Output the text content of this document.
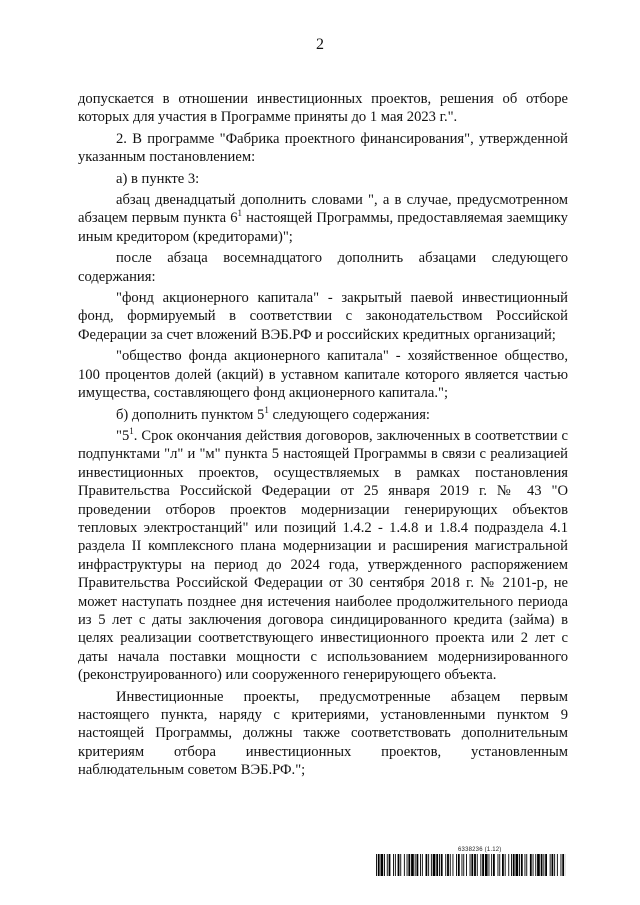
2

допускается в отношении инвестиционных проектов, решения об отборе которых для участия в Программе приняты до 1 мая 2023 г.".

2. В программе "Фабрика проектного финансирования", утвержденной указанным постановлением:

а) в пункте 3:

абзац двенадцатый дополнить словами ", а в случае, предусмотренном абзацем первым пункта $6^1$ настоящей Программы, предоставляемая заемщику иным кредитором (кредиторами)";

после абзаца восемнадцатого дополнить абзацами следующего содержания:

"фонд акционерного капитала" - закрытый паевой инвестиционный фонд, формируемый в соответствии с законодательством Российской Федерации за счет вложений ВЭБ.РФ и российских кредитных организаций;

"общество фонда акционерного капитала" - хозяйственное общество, 100 процентов долей (акций) в уставном капитале которого является частью имущества, составляющего фонд акционерного капитала.";

б) дополнить пунктом $5^1$ следующего содержания:

"$5^1$. Срок окончания действия договоров, заключенных в соответствии с подпунктами "л" и "м" пункта 5 настоящей Программы в связи с реализацией инвестиционных проектов, осуществляемых в рамках постановления Правительства Российской Федерации от 25 января 2019 г. № 43 "О проведении отборов проектов модернизации генерирующих объектов тепловых электростанций" или позиций 1.4.2 - 1.4.8 и 1.8.4 подраздела 4.1 раздела II комплексного плана модернизации и расширения магистральной инфраструктуры на период до 2024 года, утвержденного распоряжением Правительства Российской Федерации от 30 сентября 2018 г. № 2101-р, не может наступать позднее дня истечения наиболее продолжительного периода из 5 лет с даты заключения договора синдицированного кредита (займа) в целях реализации соответствующего инвестиционного проекта или 2 лет с даты начала поставки мощности с использованием модернизированного (реконструированного) или сооруженного генерирующего объекта.

Инвестиционные проекты, предусмотренные абзацем первым настоящего пункта, наряду с критериями, установленными пунктом 9 настоящей Программы, должны также соответствовать дополнительным критериям отбора инвестиционных проектов, установленным наблюдательным советом ВЭБ.РФ.";

6338236 (1.12)
